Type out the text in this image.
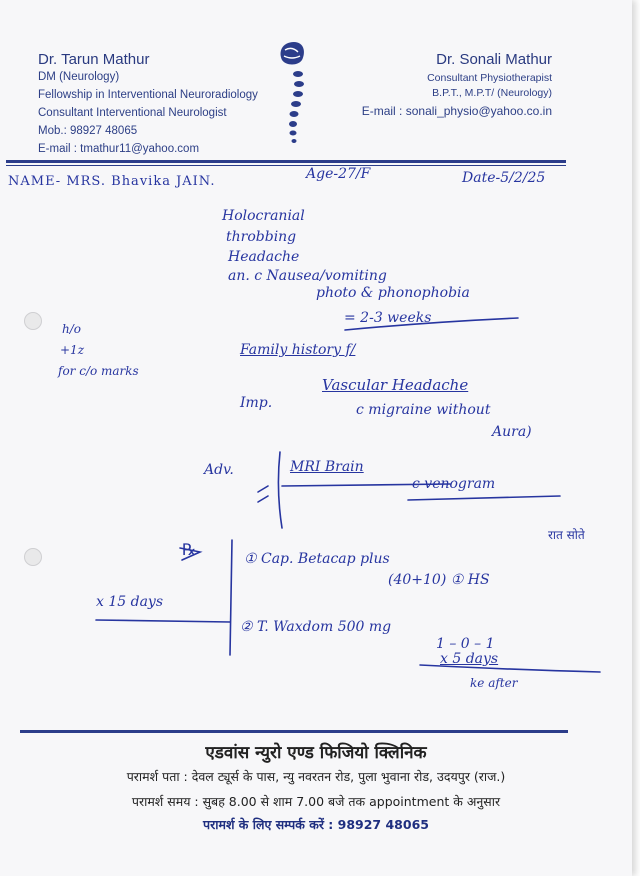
Dr. Tarun Mathur
DM (Neurology)
Fellowship in Interventional Neuroradiology
Consultant Interventional Neurologist
Mob.: 98927 48065
E-mail : tmathur11@yahoo.com
Dr. Sonali Mathur
Consultant Physiotherapist
B.P.T., M.P.T/ (Neurology)
E-mail : sonali_physio@yahoo.co.in
NAME- MRS. Bhavika JAIN.	Age-27/F	Date-5/2/25
Holocranial
throbbing
Headache
an. c Nausea/vomiting
photo & phonophobia
= 2-3 weeks
h/o
+1z
for c/o marks
Family history f/
Imp.
Vascular Headache
c migraine without
Aura)
Adv.	MRI Brain
c venogram
℞
x 15 days
① Cap. Betacap plus
(40+10) ① HS
रात सोते
② T. Waxdom 500 mg
1 – 0 – 1
x 5 days
ke after
एडवांस न्युरो एण्ड फिजियो क्लिनिक
परामर्श पता : देवल ट्यूर्स के पास, न्यु नवरतन रोड, पुला भुवाना रोड, उदयपुर (राज.)
परामर्श समय : सुबह 8.00 से शाम 7.00 बजे तक appointment के अनुसार
परामर्श के लिए सम्पर्क करें : 98927 48065
